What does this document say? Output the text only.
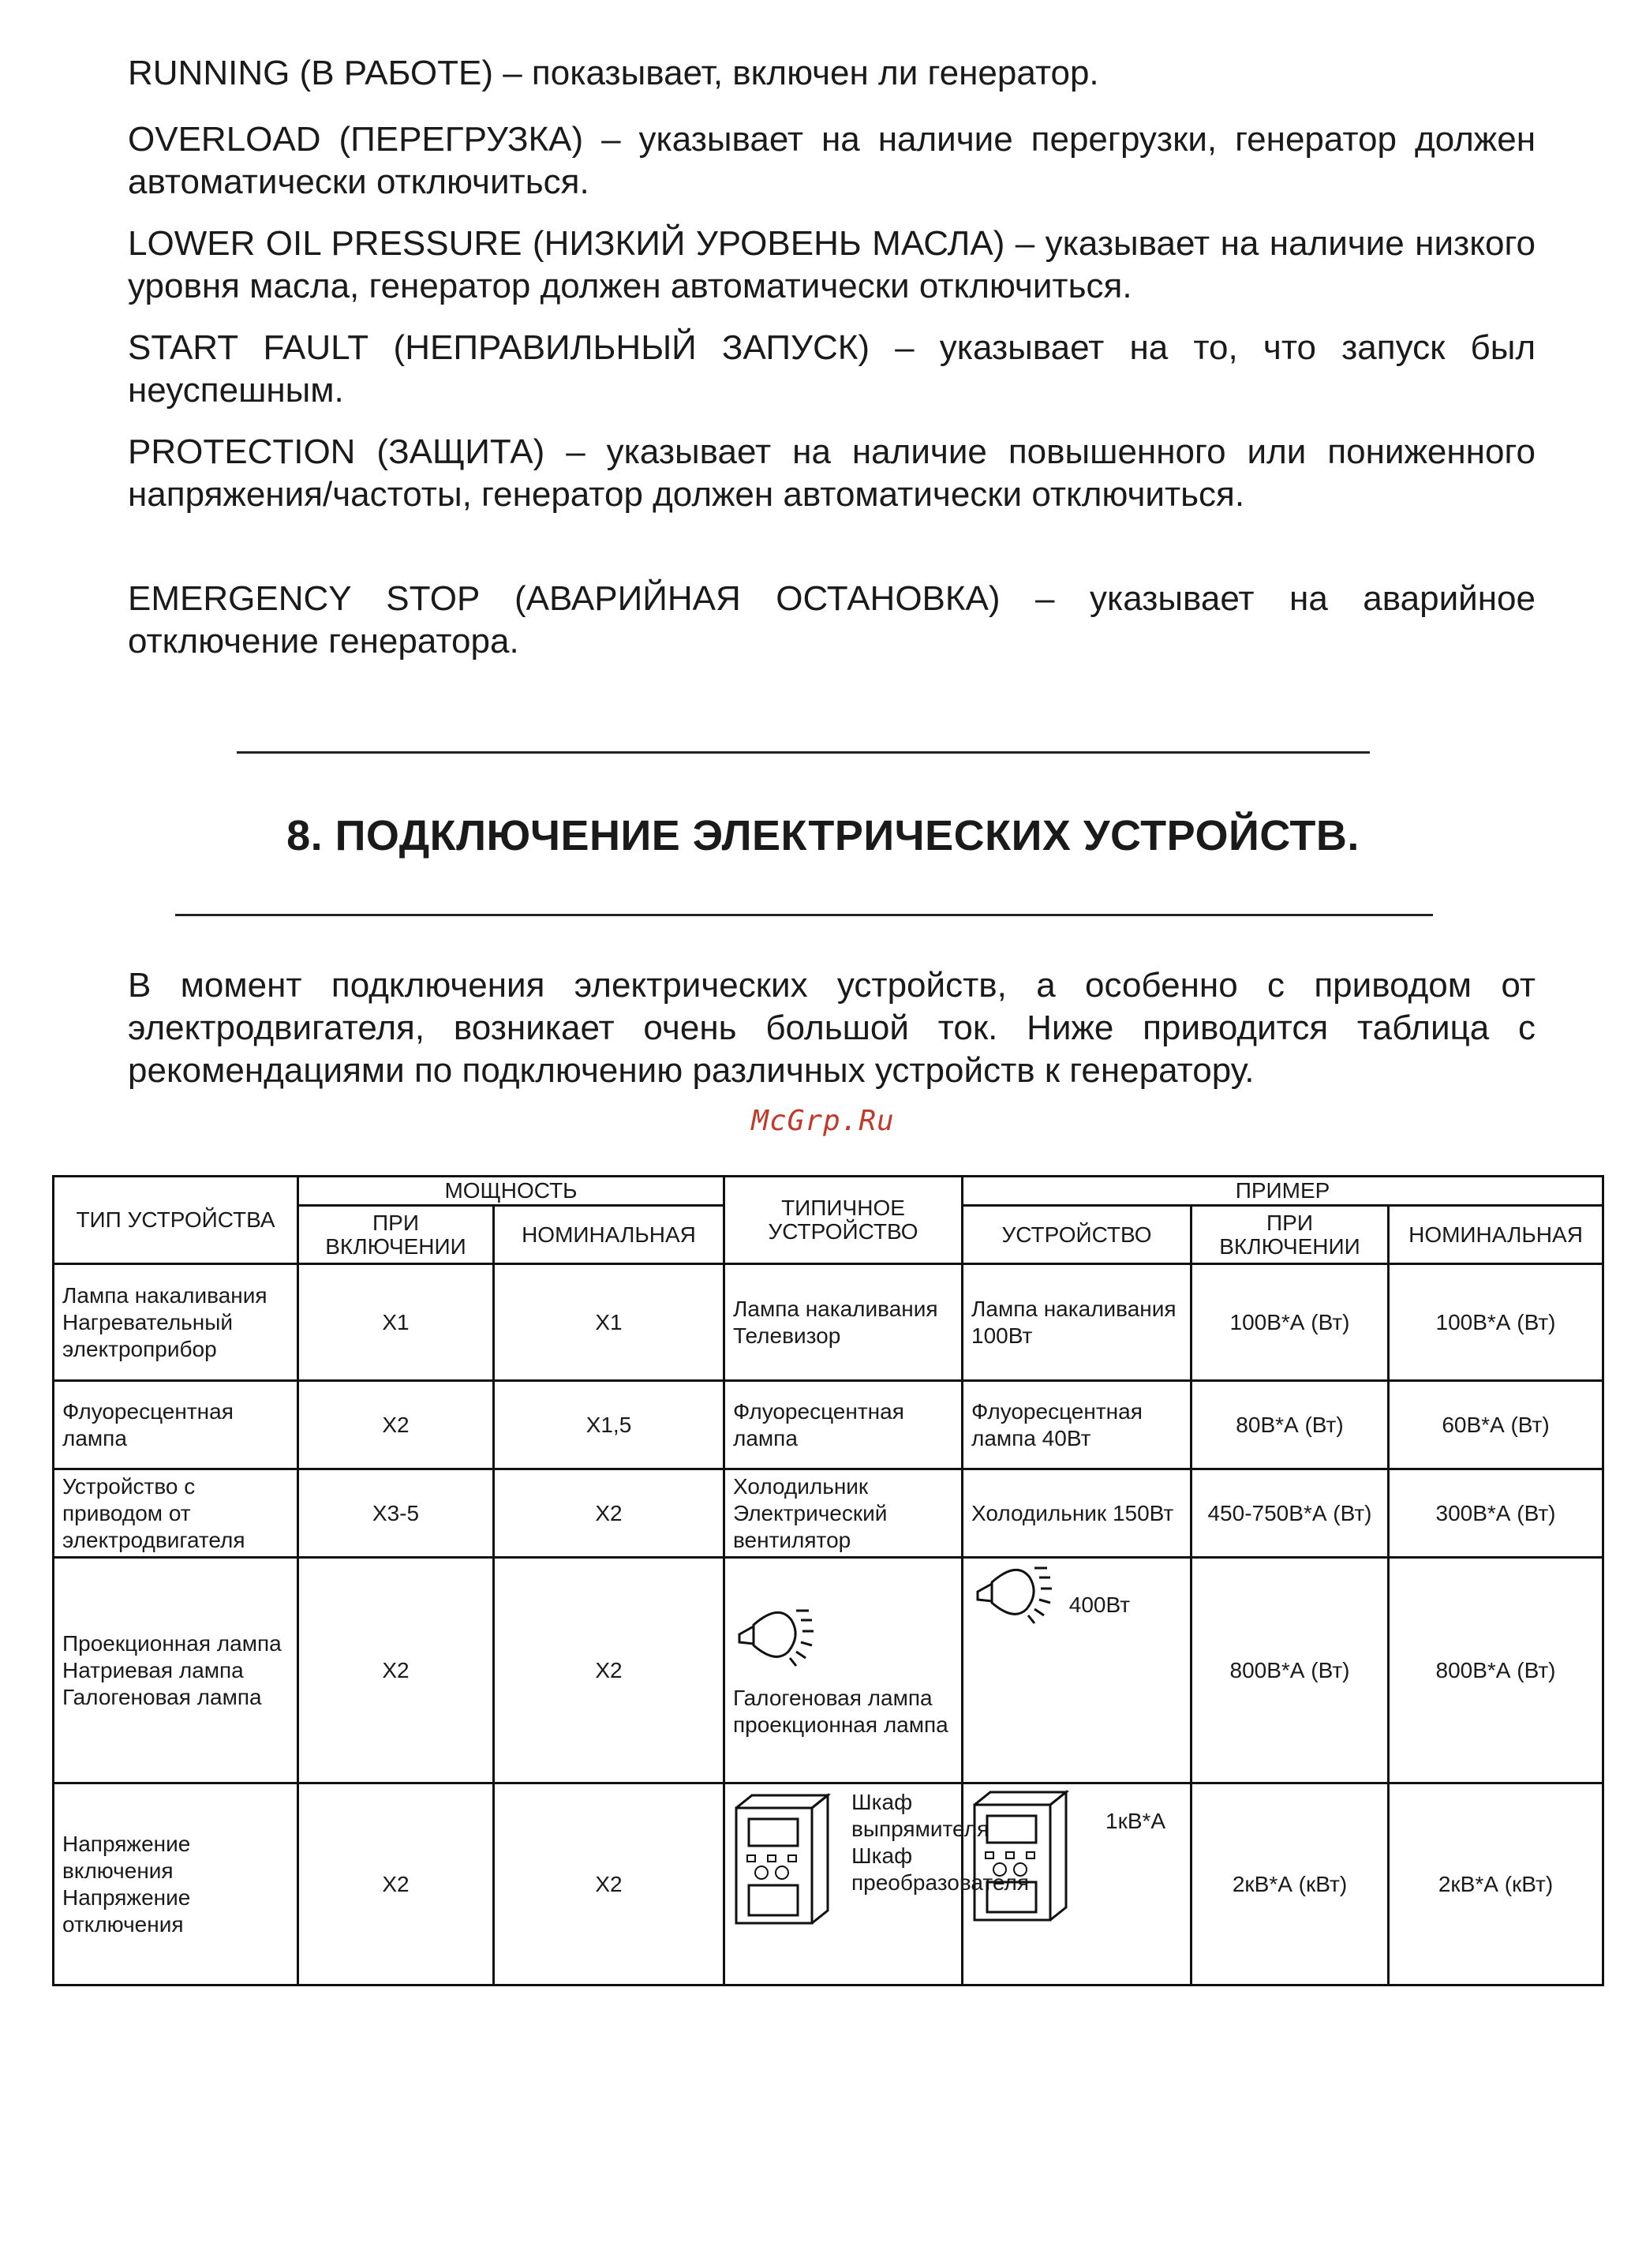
RUNNING (В РАБОТЕ) – показывает, включен ли генератор.

OVERLOAD (ПЕРЕГРУЗКА) – указывает на наличие перегрузки, генератор должен автоматически отключиться.

LOWER OIL PRESSURE (НИЗКИЙ УРОВЕНЬ МАСЛА) – указывает на наличие низкого уровня масла, генератор должен автоматически отключиться.

START FAULT (НЕПРАВИЛЬНЫЙ ЗАПУСК) – указывает на то, что запуск был неуспешным.

PROTECTION (ЗАЩИТА) – указывает на наличие повышенного или пониженного напряжения/частоты, генератор должен автоматически отключиться.

EMERGENCY STOP (АВАРИЙНАЯ ОСТАНОВКА) – указывает на аварийное отключение генератора.

8. ПОДКЛЮЧЕНИЕ ЭЛЕКТРИЧЕСКИХ УСТРОЙСТВ.

В момент подключения электрических устройств, а особенно с приводом от электродвигателя, возникает очень большой ток. Ниже приводится таблица с рекомендациями по подключению различных устройств к генератору.

McGrp.Ru
ТИП УСТРОЙСТВА	МОЩНОСТЬ		ТИПИЧНОЕ УСТРОЙСТВО	ПРИМЕР		
	ПРИ ВКЛЮЧЕНИИ	НОМИНАЛЬНАЯ		УСТРОЙСТВО	ПРИ ВКЛЮЧЕНИИ	НОМИНАЛЬНАЯ
Лампа накаливания Нагревательный электроприбор	X1	X1	Лампа накаливания Телевизор	Лампа накаливания 100Вт	100В*А (Вт)	100В*А (Вт)
Флуоресцентная лампа	X2	X1,5	Флуоресцентная лампа	Флуоресцентная лампа 40Вт	80В*А (Вт)	60В*А (Вт)
Устройство с приводом от электродвигателя	X3-5	X2	Холодильник Электрический вентилятор	Холодильник 150Вт	450-750В*А (Вт)	300В*А (Вт)
Проекционная лампа Натриевая лампа Галогеновая лампа	X2	X2	Галогеновая лампа проекционная лампа	400Вт	800В*А (Вт)	800В*А (Вт)
Напряжение включения Напряжение отключения	X2	X2	Шкаф выпрямителя Шкаф преобразователя	1кВ*А	2кВ*А (кВт)	2кВ*А (кВт)
